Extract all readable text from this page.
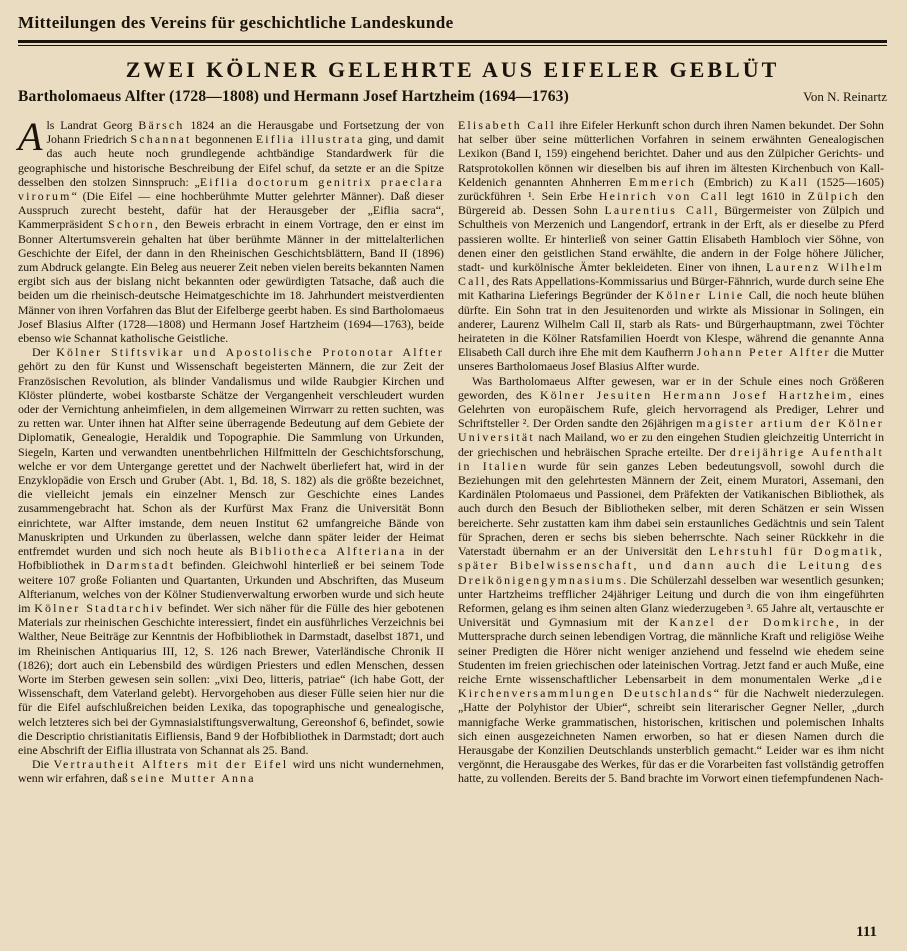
Mitteilungen des Vereins für geschichtliche Landeskunde
ZWEI KÖLNER GELEHRTE AUS EIFELER GEBLÜT
Bartholomaeus Alfter (1728—1808) und Hermann Josef Hartzheim (1694—1763)	Von N. Reinartz

Als Landrat Georg Bärsch 1824 an die Herausgabe und Fortsetzung der von Johann Friedrich Schannat begonnenen Eiflia illustrata ging, und damit das auch heute noch grundlegende achtbändige Standardwerk für die geographische und historische Beschreibung der Eifel schuf, da setzte er an die Spitze desselben den stolzen Sinnspruch: „Eiflia doctorum genitrix praeclara virorum“ (Die Eifel — eine hochberühmte Mutter gelehrter Männer). Daß dieser Ausspruch zurecht besteht, dafür hat der Herausgeber der „Eiflia sacra“, Kammerpräsident Schorn, den Beweis erbracht in einem Vortrage, den er einst im Bonner Altertumsverein gehalten hat über berühmte Männer in der mittelalterlichen Geschichte der Eifel, der dann in den Rheinischen Geschichtsblättern, Band II (1896) zum Abdruck gelangte. Ein Beleg aus neuerer Zeit neben vielen bereits bekannten Namen ergibt sich aus der bislang nicht bekannten oder gewürdigten Tatsache, daß auch die beiden um die rheinisch-deutsche Heimatgeschichte im 18. Jahrhundert meistverdienten Männer von ihren Vorfahren das Blut der Eifelberge geerbt haben. Es sind Bartholomaeus Josef Blasius Alfter (1728—1808) und Hermann Josef Hartzheim (1694—1763), beide ebenso wie Schannat katholische Geistliche.

Der Kölner Stiftsvikar und Apostolische Protonotar Alfter gehört zu den für Kunst und Wissenschaft begeisterten Männern, die zur Zeit der Französischen Revolution, als blinder Vandalismus und wilde Raubgier Kirchen und Klöster plünderte, wobei kostbarste Schätze der Vergangenheit verschleudert wurden oder der Vernichtung anheimfielen, in dem allgemeinen Wirrwarr zu retten suchten, was zu retten war. Unter ihnen hat Alfter seine überragende Bedeutung auf dem Gebiete der Diplomatik, Genealogie, Heraldik und Topographie. Die Sammlung von Urkunden, Siegeln, Karten und verwandten unentbehrlichen Hilfmitteln der Geschichtsforschung, welche er vor dem Untergange gerettet und der Nachwelt überliefert hat, wird in der Enzyklopädie von Ersch und Gruber (Abt. 1, Bd. 18, S. 182) als die größte bezeichnet, die vielleicht jemals ein einzelner Mensch zur Geschichte eines Landes zusammengebracht hat. Schon als der Kurfürst Max Franz die Universität Bonn einrichtete, war Alfter imstande, dem neuen Institut 62 umfangreiche Bände von Manuskripten und Urkunden zu überlassen, welche dann später leider der Heimat entfremdet wurden und sich noch heute als Bibliotheca Alfteriana in der Hofbibliothek in Darmstadt befinden. Gleichwohl hinterließ er bei seinem Tode weitere 107 große Folianten und Quartanten, Urkunden und Abschriften, das Museum Alfterianum, welches von der Kölner Studienverwaltung erworben wurde und sich heute im Kölner Stadtarchiv befindet. Wer sich näher für die Fülle des hier gebotenen Materials zur rheinischen Geschichte interessiert, findet ein ausführliches Verzeichnis bei Walther, Neue Beiträge zur Kenntnis der Hofbibliothek in Darmstadt, daselbst 1871, und im Rheinischen Antiquarius III, 12, S. 126 nach Brewer, Vaterländische Chronik II (1826); dort auch ein Lebensbild des würdigen Priesters und edlen Menschen, dessen Worte im Sterben gewesen sein sollen: „vixi Deo, litteris, patriae“ (ich habe Gott, der Wissenschaft, dem Vaterland gelebt). Hervorgehoben aus dieser Fülle seien hier nur die für die Eifel aufschlußreichen beiden Lexika, das topographische und genealogische, welch letzteres sich bei der Gymnasialstiftungsverwaltung, Gereonshof 6, befindet, sowie die Descriptio christianitatis Eifliensis, Band 9 der Hofbibliothek in Darmstadt; dort auch eine Abschrift der Eiflia illustrata von Schannat als 25. Band.

Die Vertrautheit Alfters mit der Eifel wird uns nicht wundernehmen, wenn wir erfahren, daß seine Mutter Anna

Elisabeth Call ihre Eifeler Herkunft schon durch ihren Namen bekundet. Der Sohn hat selber über seine mütterlichen Vorfahren in seinem erwähnten Genealogischen Lexikon (Band I, 159) eingehend berichtet. Daher und aus den Zülpicher Gerichts- und Ratsprotokollen können wir dieselben bis auf ihren im ältesten Kirchenbuch von Kall-Keldenich genannten Ahnherren Emmerich (Embrich) zu Kall (1525—1605) zurückführen ¹. Sein Erbe Heinrich von Call legt 1610 in Zülpich den Bürgereid ab. Dessen Sohn Laurentius Call, Bürgermeister von Zülpich und Schultheis von Merzenich und Langendorf, ertrank in der Erft, als er dieselbe zu Pferd passieren wollte. Er hinterließ von seiner Gattin Elisabeth Hambloch vier Söhne, von denen einer den geistlichen Stand erwählte, die andern in der Folge höhere Jülicher, stadt- und kurkölnische Ämter bekleideten. Einer von ihnen, Laurenz Wilhelm Call, des Rats Appellations-Kommissarius und Bürger-Fähnrich, wurde durch seine Ehe mit Katharina Lieferings Begründer der Kölner Linie Call, die noch heute blühen dürfte. Ein Sohn trat in den Jesuitenorden und wirkte als Missionar in Solingen, ein anderer, Laurenz Wilhelm Call II, starb als Rats- und Bürgerhauptmann, zwei Töchter heirateten in die Kölner Ratsfamilien Hoerdt von Klespe, während die genannte Anna Elisabeth Call durch ihre Ehe mit dem Kaufherrn Johann Peter Alfter die Mutter unseres Bartholomaeus Josef Blasius Alfter wurde.

Was Bartholomaeus Alfter gewesen, war er in der Schule eines noch Größeren geworden, des Kölner Jesuiten Hermann Josef Hartzheim, eines Gelehrten von europäischem Rufe, gleich hervorragend als Prediger, Lehrer und Schriftsteller ². Der Orden sandte den 26jährigen magister artium der Kölner Universität nach Mailand, wo er zu den eingehen Studien gleichzeitig Unterricht in der griechischen und hebräischen Sprache erteilte. Der dreijährige Aufenthalt in Italien wurde für sein ganzes Leben bedeutungsvoll, sowohl durch die Beziehungen mit den gelehrtesten Männern der Zeit, einem Muratori, Assemani, den Kardinälen Ptolomaeus und Passionei, dem Präfekten der Vatikanischen Bibliothek, als auch durch den Besuch der Bibliotheken selber, mit deren Schätzen er sein Wissen bereicherte. Sehr zustatten kam ihm dabei sein erstaunliches Gedächtnis und sein Talent für Sprachen, deren er sechs bis sieben beherrschte. Nach seiner Rückkehr in die Vaterstadt übernahm er an der Universität den Lehrstuhl für Dogmatik, später Bibelwissenschaft, und dann auch die Leitung des Dreikönigengymnasiums. Die Schülerzahl desselben war wesentlich gesunken; unter Hartzheims trefflicher 24jähriger Leitung und durch die von ihm eingeführten Reformen, gelang es ihm seinen alten Glanz wiederzugeben ³. 65 Jahre alt, vertauschte er Universität und Gymnasium mit der Kanzel der Domkirche, in der Muttersprache durch seinen lebendigen Vortrag, die männliche Kraft und religiöse Weihe seiner Predigten die Hörer nicht weniger anziehend und fesselnd wie ehedem seine Studenten im freien griechischen oder lateinischen Vortrag. Jetzt fand er auch Muße, eine reiche Ernte wissenschaftlicher Lebensarbeit in dem monumentalen Werke „die Kirchenversammlungen Deutschlands“ für die Nachwelt niederzulegen. „Hatte der Polyhistor der Ubier“, schreibt sein literarischer Gegner Neller, „durch mannigfache Werke grammatischen, historischen, kritischen und polemischen Inhalts sich einen ausgezeichneten Namen erworben, so hat er diesen Namen durch die Herausgabe der Konzilien Deutschlands unsterblich gemacht.“ Leider war es ihm nicht vergönnt, die Herausgabe des Werkes, für das er die Vorarbeiten fast vollständig getroffen hatte, zu vollenden. Bereits der 5. Band brachte im Vorwort einen tiefempfundenen Nach-

111
